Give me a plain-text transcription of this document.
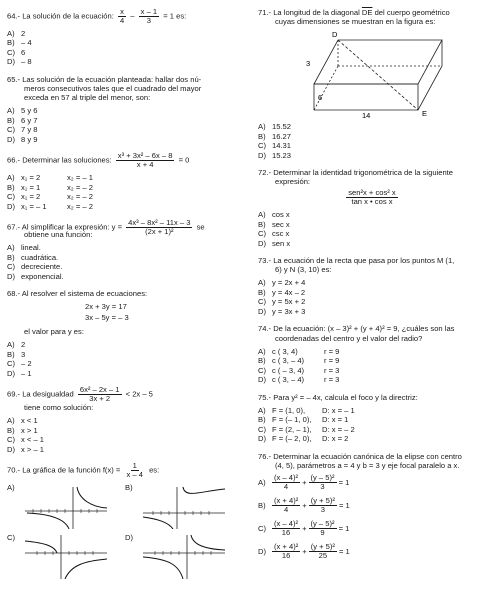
64.- La solución de la ecuación: $\frac{x}{4} - \frac{x - 1}{3} = 1$ es:
A) 2
B) – 4
C) 6
D) – 8
65.- Las solución de la ecuación planteada: hallar dos nú-
meros consecutivos tales que el cuadrado del mayor
exceda en 57 al triple del menor, son:
A) 5 y 6
B) 6 y 7
C) 7 y 8
D) 8 y 9
66.- Determinar las soluciones: $\frac{\text{x³ + 3x² – 6x – 8}}{x + 4} = 0$
A) x₁ = 2	x₂ = – 1
B) x₁ = 1	x₂ = – 2
C) x₁ = 2	x₂ = – 2
D) x₁ = – 1	x₂ = – 2
67.- Al simplificar la expresión: $y = \frac{\text{4x³ – 8x² – 11x – 3}}{\text{(2x + 1)²}}$ se
obtiene una función:
A) lineal.
B) cuadrática.
C) decreciente.
D) exponencial.
68.- Al resolver el sistema de ecuaciones:
2x + 3y = 17
3x – 5y = – 3
el valor para y es:
A) 2
B) 3
C) – 2
D) – 1
69.- La desigualdad $\frac{\text{6x² – 2x – 1}}{3x + 2} < 2x - 5$
tiene como solución:
A) x < 1
B) x > 1
C) x < – 1
D) x > – 1
70.- La gráfica de la función $f(x) = \frac{1}{x - 4}$ es:
A)	B)
C)	D)
71.- La longitud de la diagonal $\overline{DE}$ del cuerpo geométrico
cuyas dimensiones se muestran en la figura es:
D
E
3
6
14
A) 15.52
B) 16.27
C) 14.31
D) 15.23
72.- Determinar la identidad trigonométrica de la siguiente
expresión:
$\frac{\text{sen²x + cos² x}}{\text{tan x • cos x}}$
A) cos x
B) sec x
C) csc x
D) sen x
73.- La ecuación de la recta que pasa por los puntos M (1,
6) y N (3, 10) es:
A) y = 2x + 4
B) y = 4x – 2
C) y = 5x + 2
D) y = 3x + 3
74.- De la ecuación: (x – 3)² + (y + 4)² = 9, ¿cuáles son las
coordenadas del centro y el valor del radio?
A) c ( 3, 4)	r = 9
B) c ( 3, – 4)	r = 9
C) c ( – 3, 4)	r = 3
D) c ( 3, – 4)	r = 3
75.- Para y² = – 4x, calcula el foco y la directriz:
A) F = (1, 0),	D: x = – 1
B) F = (– 1, 0),	D: x = 1
C) F = (2, – 1),	D: x = – 2
D) F = (– 2, 0),	D: x = 2
76.- Determinar la ecuación canónica de la elipse con centro
(4, 5), parámetros a = 4 y b = 3 y eje focal paralelo a x.
$A) \frac{\text{(x – 4)²}}{4} + \frac{\text{(y – 5)²}}{3} = 1$
$B) \frac{\text{(x + 4)²}}{4} + \frac{\text{(y + 5)²}}{3} = 1$
$C) \frac{\text{(x – 4)²}}{16} + \frac{\text{(y – 5)²}}{9} = 1$
$D) \frac{\text{(x + 4)²}}{16} + \frac{\text{(y + 5)²}}{25} = 1$
